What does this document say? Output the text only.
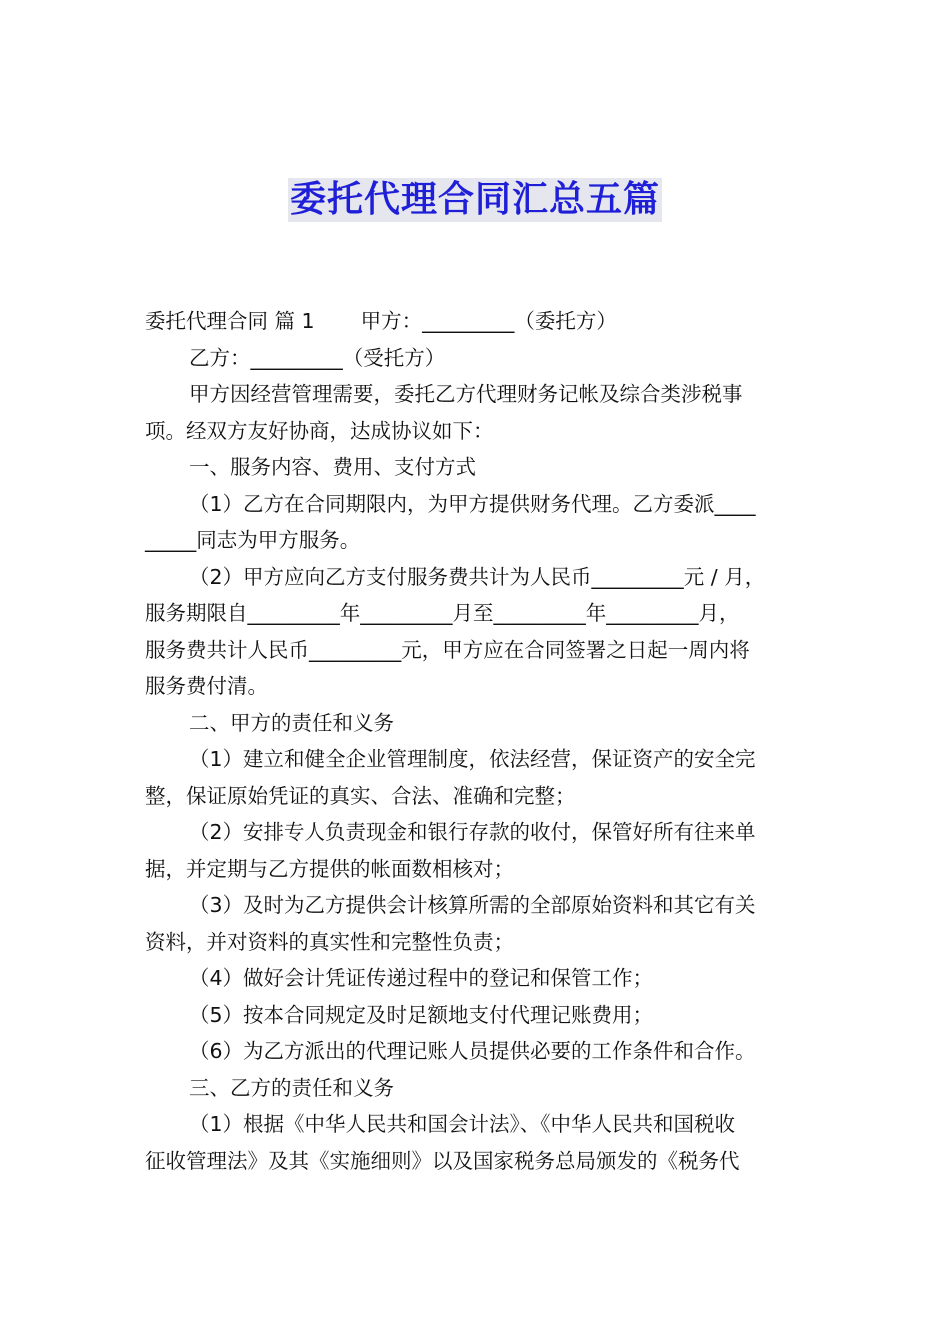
委托代理合同汇总五篇
委托代理合同 篇 1 甲方：_________（委托方）
乙方：_________（受托方）
甲方因经营管理需要，委托乙方代理财务记帐及综合类涉税事
项。经双方友好协商，达成协议如下：
一、服务内容、费用、支付方式
（1）乙方在合同期限内，为甲方提供财务代理。乙方委派____
_____同志为甲方服务。
（2）甲方应向乙方支付服务费共计为人民币_________元 / 月，
服务期限自_________年_________月至_________年_________月，
服务费共计人民币_________元，甲方应在合同签署之日起一周内将
服务费付清。
二、甲方的责任和义务
（1）建立和健全企业管理制度，依法经营，保证资产的安全完
整，保证原始凭证的真实、合法、准确和完整；
（2）安排专人负责现金和银行存款的收付，保管好所有往来单
据，并定期与乙方提供的帐面数相核对；
（3）及时为乙方提供会计核算所需的全部原始资料和其它有关
资料，并对资料的真实性和完整性负责；
（4）做好会计凭证传递过程中的登记和保管工作；
（5）按本合同规定及时足额地支付代理记账费用；
（6）为乙方派出的代理记账人员提供必要的工作条件和合作。
三、乙方的责任和义务
（1）根据《中华人民共和国会计法》、《中华人民共和国税收
征收管理法》及其《实施细则》以及国家税务总局颁发的《税务代
